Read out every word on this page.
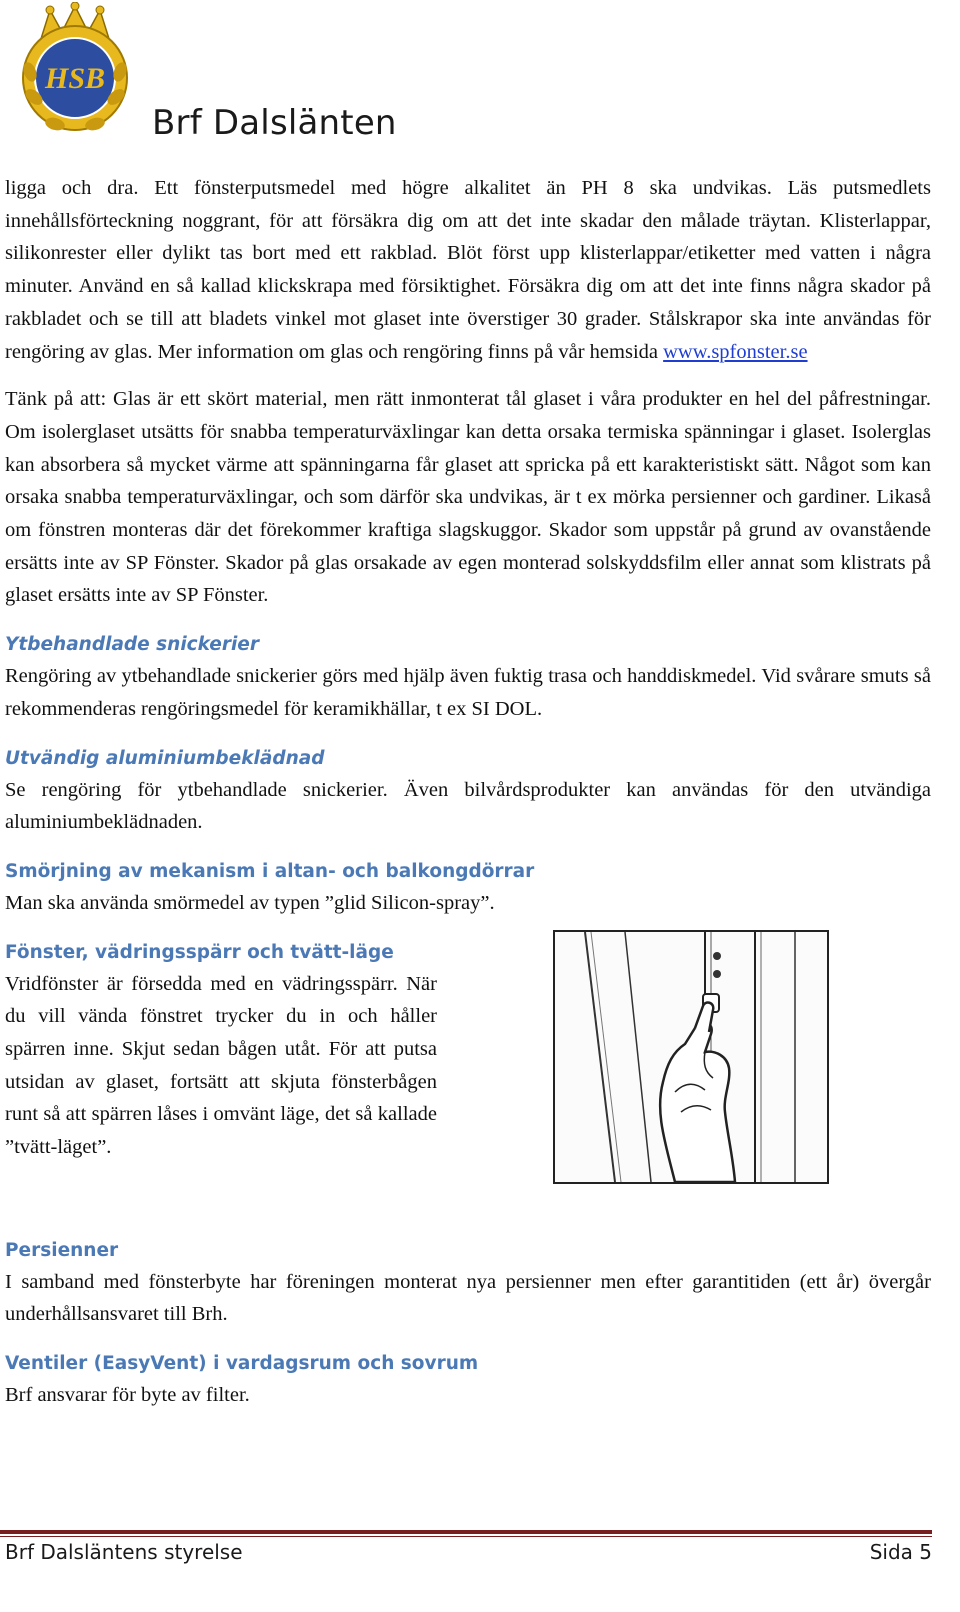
HSB
Brf Dalslänten

ligga och dra. Ett fönsterputsmedel med högre alkalitet än PH 8 ska undvikas. Läs putsmedlets innehållsförteckning noggrant, för att försäkra dig om att det inte skadar den målade träytan. Klisterlappar, silikonrester eller dylikt tas bort med ett rakblad. Blöt först upp klisterlappar/etiketter med vatten i några minuter. Använd en så kallad klickskrapa med försiktighet. Försäkra dig om att det inte finns några skador på rakbladet och se till att bladets vinkel mot glaset inte överstiger 30 grader. Stålskrapor ska inte användas för rengöring av glas. Mer information om glas och rengöring finns på vår hemsida www.spfonster.se

Tänk på att: Glas är ett skört material, men rätt inmonterat tål glaset i våra produkter en hel del påfrestningar. Om isolerglaset utsätts för snabba temperaturväxlingar kan detta orsaka termiska spänningar i glaset. Isolerglas kan absorbera så mycket värme att spänningarna får glaset att spricka på ett karakteristiskt sätt. Något som kan orsaka snabba temperaturväxlingar, och som därför ska undvikas, är t ex mörka persienner och gardiner. Likaså om fönstren monteras där det förekommer kraftiga slagskuggor. Skador som uppstår på grund av ovanstående ersätts inte av SP Fönster. Skador på glas orsakade av egen monterad solskyddsfilm eller annat som klistrats på glaset ersätts inte av SP Fönster.

Ytbehandlade snickerier

Rengöring av ytbehandlade snickerier görs med hjälp även fuktig trasa och handdiskmedel. Vid svårare smuts så rekommenderas rengöringsmedel för keramikhällar, t ex SI DOL.

Utvändig aluminiumbeklädnad

Se rengöring för ytbehandlade snickerier. Även bilvårdsprodukter kan användas för den utvändiga aluminiumbeklädnaden.

Smörjning av mekanism i altan- och balkongdörrar

Man ska använda smörmedel av typen ”glid Silicon-spray”.

Fönster, vädringsspärr och tvätt-läge

Vridfönster är försedda med en vädringsspärr. När du vill vända fönstret trycker du in och håller spärren inne. Skjut sedan bågen utåt. För att putsa utsidan av glaset, fortsätt att skjuta fönsterbågen runt så att spärren låses i omvänt läge, det så kallade ”tvätt-läget”.

Persienner

I samband med fönsterbyte har föreningen monterat nya persienner men efter garantitiden (ett år) övergår underhållsansvaret till Brh.

Ventiler (EasyVent) i vardagsrum och sovrum

Brf ansvarar för byte av filter.

Brf Dalsläntens styrelse	Sida 5
